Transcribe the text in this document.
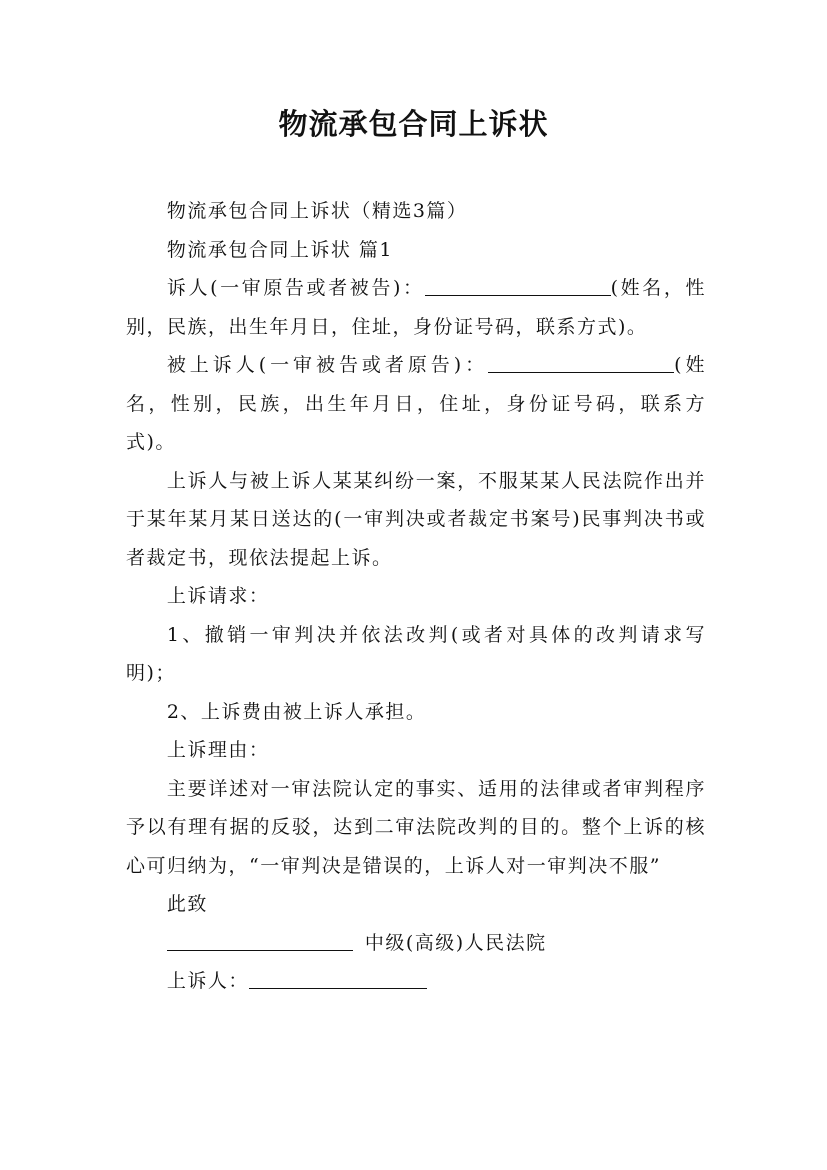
物流承包合同上诉状

物流承包合同上诉状（精选3篇）

物流承包合同上诉状 篇1

诉人(一审原告或者被告)：	(姓名，性别，民族，出生年月日，住址，身份证号码，联系方式)。

被上诉人(一审被告或者原告)：	(姓名，性别，民族，出生年月日，住址，身份证号码，联系方式)。

上诉人与被上诉人某某纠纷一案，不服某某人民法院作出并于某年某月某日送达的(一审判决或者裁定书案号)民事判决书或者裁定书，现依法提起上诉。

上诉请求：

1、撤销一审判决并依法改判(或者对具体的改判请求写明)；

2、上诉费由被上诉人承担。

上诉理由：

主要详述对一审法院认定的事实、适用的法律或者审判程序予以有理有据的反驳，达到二审法院改判的目的。整个上诉的核心可归纳为，“一审判决是错误的，上诉人对一审判决不服”

此致

中级(高级)人民法院

上诉人：
